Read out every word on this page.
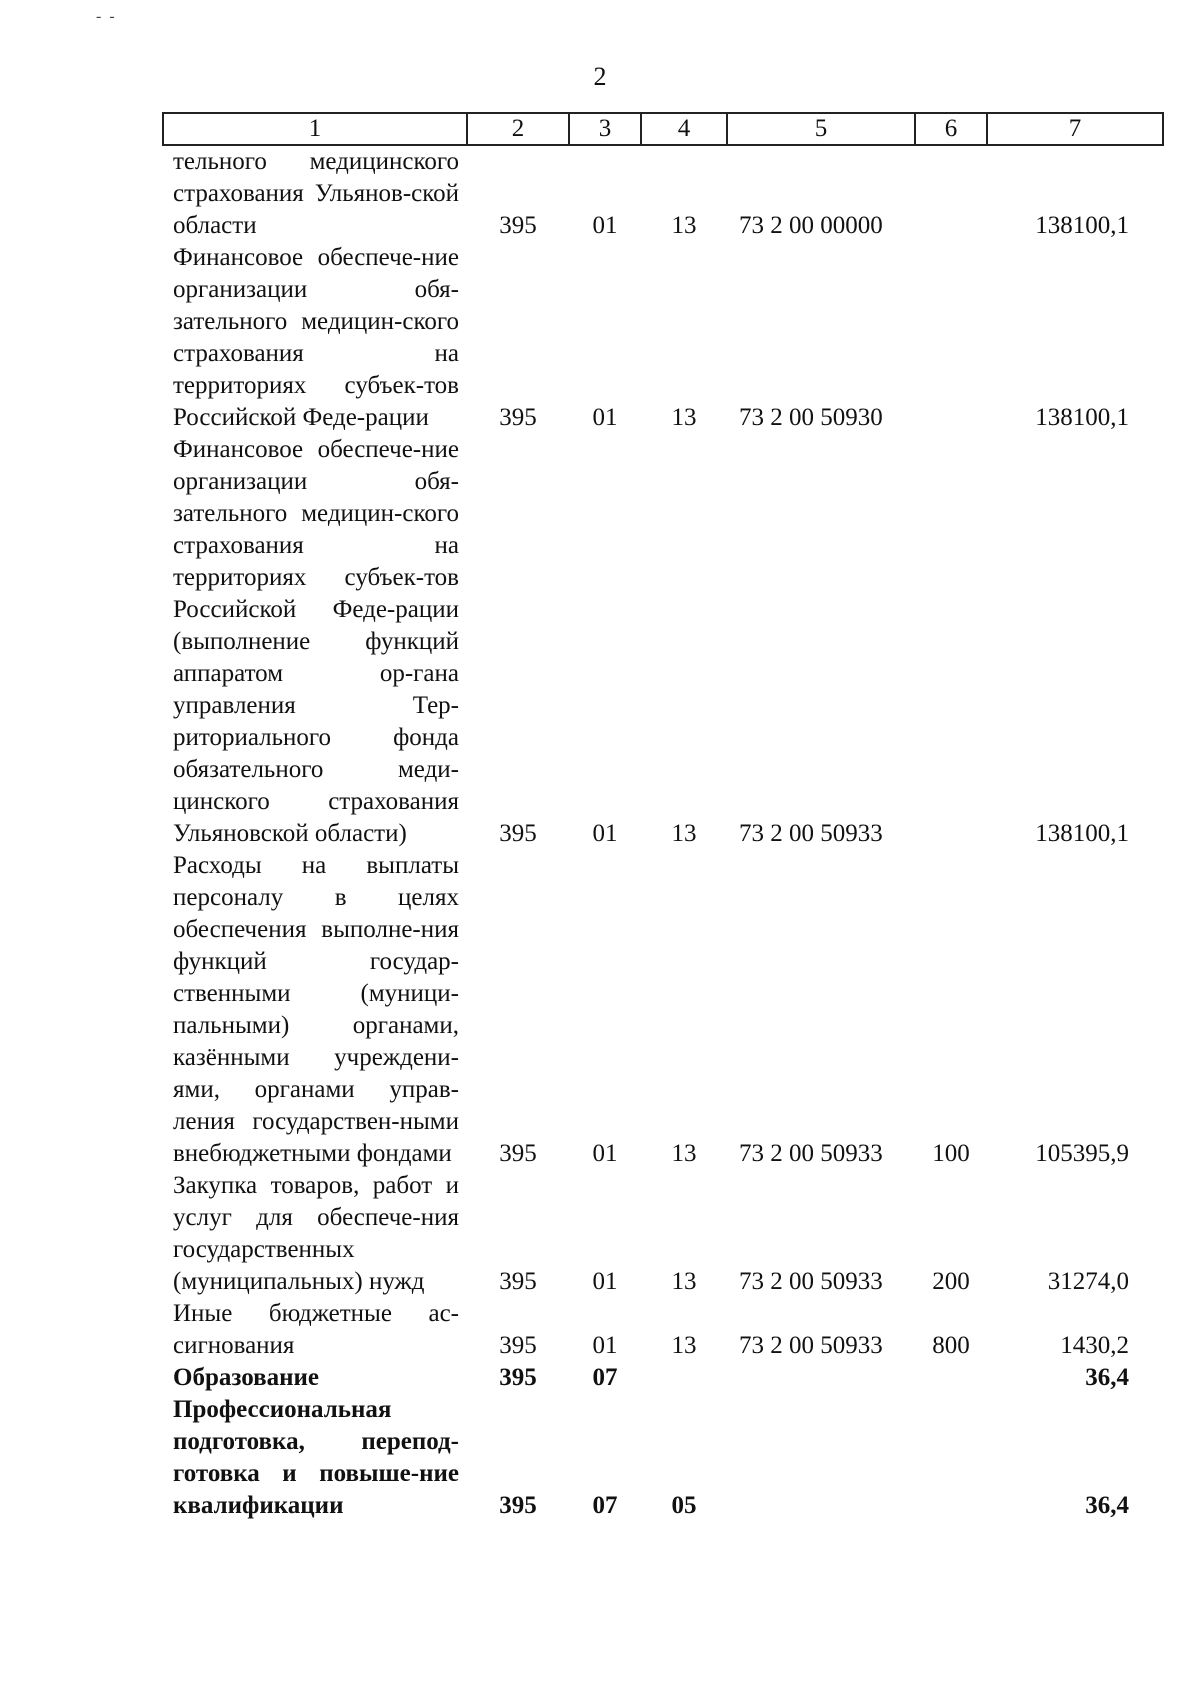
- -
2
1	2	3	4	5	6	7
тельного медицинского страхования Ульянов-ской области	395	01	13	73 2 00 00000		138100,1
Финансовое обеспече-ние организации обя-зательного медицин-ского страхования на территориях субъек-тов Российской Феде-рации	395	01	13	73 2 00 50930		138100,1
Финансовое обеспече-ние организации обя-зательного медицин-ского страхования на территориях субъек-тов Российской Феде-рации (выполнение функций аппаратом ор-гана управления Тер-риториального фонда обязательного меди-цинского страхования Ульяновской области)	395	01	13	73 2 00 50933		138100,1
Расходы на выплаты персоналу в целях обеспечения выполне-ния функций государ-ственными (муници-пальными) органами, казёнными учреждени-ями, органами управ-ления государствен-ными внебюджетными фондами	395	01	13	73 2 00 50933	100	105395,9
Закупка товаров, работ и услуг для обеспече-ния государственных (муниципальных) нужд	395	01	13	73 2 00 50933	200	31274,0
Иные бюджетные ас-сигнования	395	01	13	73 2 00 50933	800	1430,2
Образование	395	07				36,4
Профессиональная подготовка, перепод-готовка и повыше-ние квалификации	395	07	05			36,4
